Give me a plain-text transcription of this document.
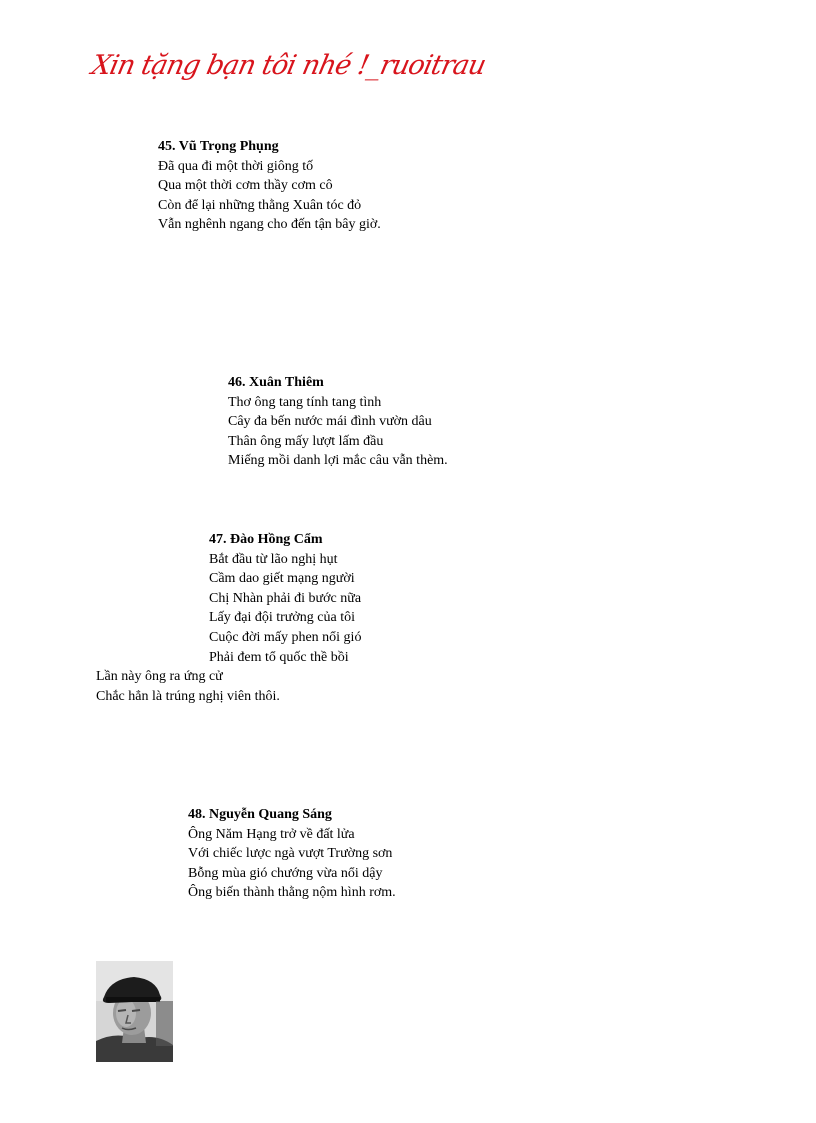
Xin tặng bạn tôi nhé !_ruoitrau
45. Vũ Trọng Phụng
Đã qua đi một thời giông tố
Qua một thời cơm thầy cơm cô
Còn để lại những thằng Xuân tóc đỏ
Vẫn nghênh ngang cho đến tận bây giờ.
46. Xuân Thiêm
Thơ ông tang tính tang tình
Cây đa bến nước mái đình vườn dâu
Thân ông mấy lượt lấm đầu
Miếng mồi danh lợi mắc câu vẫn thèm.
47. Đào Hồng Cẩm
Bắt đầu từ lão nghị hụt
Cầm dao giết mạng người
Chị Nhàn phải đi bước nữa
Lấy đại đội trưởng của tôi
Cuộc đời mấy phen nổi gió
Phải đem tổ quốc thề bồi
Lần này ông ra ứng cử
Chắc hẳn là trúng nghị viên thôi.
48. Nguyễn Quang Sáng
Ông Năm Hạng trở về đất lửa
Với chiếc lược ngà vượt Trường sơn
Bỗng mùa gió chướng vừa nổi dậy
Ông biến thành thằng nộm hình rơm.
